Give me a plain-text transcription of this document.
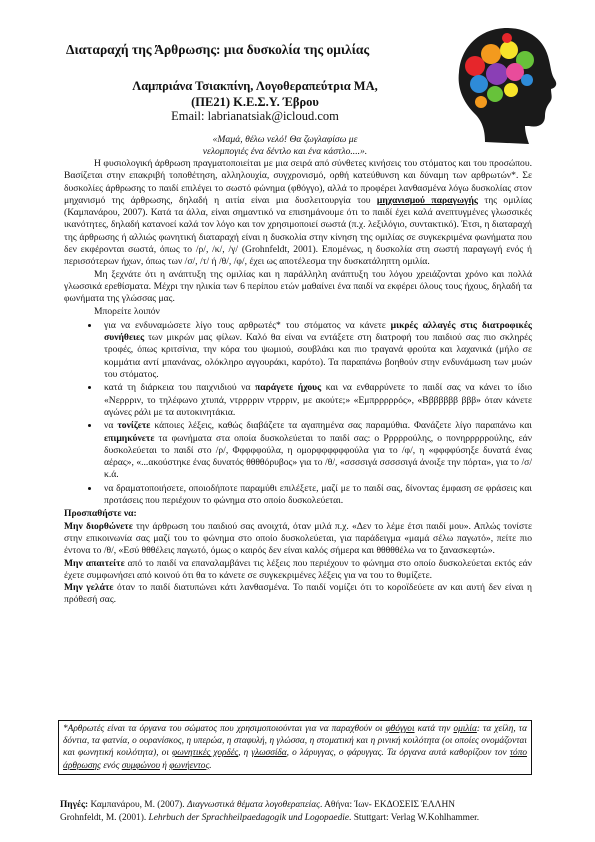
Διαταραχή της Άρθρωσης: μια δυσκολία της ομιλίας
Λαμπριάνα Τσιακπίνη, Λογοθεραπεύτρια ΜΑ,
(ΠΕ21) Κ.Ε.Σ.Υ. Έβρου
Email: labrianatsiak@icloud.com
«Μαμά, θέλω νελό! Θα ζωγλαφίσω με
νελομπογιές ένα δέντλο και ένα κάστλο....».

Η φυσιολογική άρθρωση πραγματοποιείται με μια σειρά από σύνθετες κινήσεις του στόματος και του προσώπου. Βασίζεται στην επακριβή τοποθέτηση, αλληλουχία, συγχρονισμό, ορθή κατεύθυνση και δύναμη των αρθρωτών*. Σε δυσκολίες άρθρωσης το παιδί επιλέγει το σωστό φώνημα (φθόγγο), αλλά το προφέρει λανθασμένα λόγω δυσκολίας στον μηχανισμό της άρθρωσης, δηλαδή η αιτία είναι μια δυσλειτουργία του μηχανισμού παραγωγής της ομιλίας (Καμπανάρου, 2007). Κατά τα άλλα, είναι σημαντικό να επισημάνουμε ότι το παιδί έχει καλά ανεπτυγμένες γλωσσικές ικανότητες, δηλαδή κατανοεί καλά τον λόγο και τον χρησιμοποιεί σωστά (π.χ. λεξιλόγιο, συντακτικό). Έτσι, η διαταραχή της άρθρωσης ή αλλιώς φωνητική διαταραχή είναι η δυσκολία στην κίνηση της ομιλίας σε συγκεκριμένα φωνήματα που δεν εκφέρονται σωστά, όπως το /ρ/, /κ/, /γ/ (Grohnfeldt, 2001). Επομένως, η δυσκολία στη σωστή παραγωγή ενός ή περισσότερων ήχων, όπως των /σ/, /τ/ ή /θ/, /φ/, έχει ως αποτέλεσμα την δυσκατάληπτη ομιλία.

Μη ξεχνάτε ότι η ανάπτυξη της ομιλίας και η παράλληλη ανάπτυξη του λόγου χρειάζονται χρόνο και πολλά γλωσσικά ερεθίσματα. Μέχρι την ηλικία των 6 περίπου ετών μαθαίνει ένα παιδί να εκφέρει όλους τους ήχους, δηλαδή τα φωνήματα της γλώσσας μας.

Μπορείτε λοιπόν

• για να ενδυναμώσετε λίγο τους αρθρωτές* του στόματος να κάνετε μικρές αλλαγές στις διατροφικές συνήθειες των μικρών μας φίλων. Καλό θα είναι να εντάξετε στη διατροφή του παιδιού σας πιο σκληρές τροφές, όπως κριτσίνια, την κόρα του ψωμιού, σουβλάκι και πιο τραγανά φρούτα και λαχανικά (μήλο σε κομμάτια αντί μπανάνας, ολόκληρο αγγουράκι, καρότο). Τα παραπάνω βοηθούν στην ενδυνάμωση των μυών του στόματος.
• κατά τη διάρκεια του παιχνιδιού να παράγετε ήχους και να ενθαρρύνετε το παιδί σας να κάνει το ίδιο «Νερρριν, το τηλέφωνο χτυπά, ντρρρριν ντρρριν, με ακούτε;» «Εμπρρρρρός», «Βββββββ βββ» όταν κάνετε αγώνες ράλι με τα αυτοκινητάκια.
• να τονίζετε κάποιες λέξεις, καθώς διαβάζετε τα αγαπημένα σας παραμύθια. Φανάζετε λίγο παραπάνω και επιμηκύνετε τα φωνήματα στα οποία δυσκολεύεται το παιδί σας: ο Ρρρρρούλης, ο πονηρρρρρούλης, εάν δυσκολεύεται το παιδί στο /ρ/, Φφφφφούλα, η ομορφφφφφφούλα για το /φ/, η «φφφφύσηξε δυνατά ένας αέρας», «...ακούστηκε ένας δυνατός θθθθόρυβος» για το /θ/, «σσσσιγά σσσσσιγά άνοιξε την πόρτα», για το /σ/ κ.ά.
• να δραματοποιήσετε, οποιοδήποτε παραμύθι επιλέξετε, μαζί με το παιδί σας, δίνοντας έμφαση σε φράσεις και προτάσεις που περιέχουν το φώνημα στο οποίο δυσκολεύεται.

Προσπαθήστε να:

Μην διορθώνετε την άρθρωση του παιδιού σας ανοιχτά, όταν μιλά π.χ. «Δεν το λέμε έτσι παιδί μου». Απλώς τονίστε στην επικοινωνία σας μαζί του το φώνημα στο οποίο δυσκολεύεται, για παράδειγμα «μαμά σέλω παγωτό», πείτε πιο έντονα το /θ/, «Εσύ θθθέλεις παγωτό, όμως ο καιρός δεν είναι καλός σήμερα και θθθθθέλω να το ξανασκεφτώ».

Μην απαιτείτε από το παιδί να επαναλαμβάνει τις λέξεις που περιέχουν το φώνημα στο οποίο δυσκολεύεται εκτός εάν έχετε συμφωνήσει από κοινού ότι θα το κάνετε σε συγκεκριμένες λέξεις για να του το θυμίζετε.

Μην γελάτε όταν το παιδί διατυπώνει κάτι λανθασμένα. Το παιδί νομίζει ότι το κοροϊδεύετε αν και αυτή δεν είναι η πρόθεσή σας.

*Αρθρωτές είναι τα όργανα του σώματος που χρησιμοποιούνται για να παραχθούν οι φθόγγοι κατά την ομιλία: τα χείλη, τα δόντια, τα φατνία, ο ουρανίσκος, η υπερώα, η σταφυλή, η γλώσσα, η στοματική και η ρινική κοιλότητα (οι οποίες ονομάζονται και φωνητική κοιλότητα), οι φωνητικές χορδές, η γλωσσίδα, ο λάρυγγας, ο φάρυγγας. Τα όργανα αυτά καθορίζουν τον τόπο άρθρωσης ενός συμφώνου ή φωνήεντος.
Πηγές: Καμπανάρου, Μ. (2007). Διαγνωστικά θέματα λογοθεραπείας. Αθήνα: Ίων- ΕΚΔΟΣΕΙΣ ΈΛΛΗΝ
Grohnfeldt, M. (2001). Lehrbuch der Sprachheilpaedagogik und Logopaedie. Stuttgart: Verlag W.Kohlhammer.
